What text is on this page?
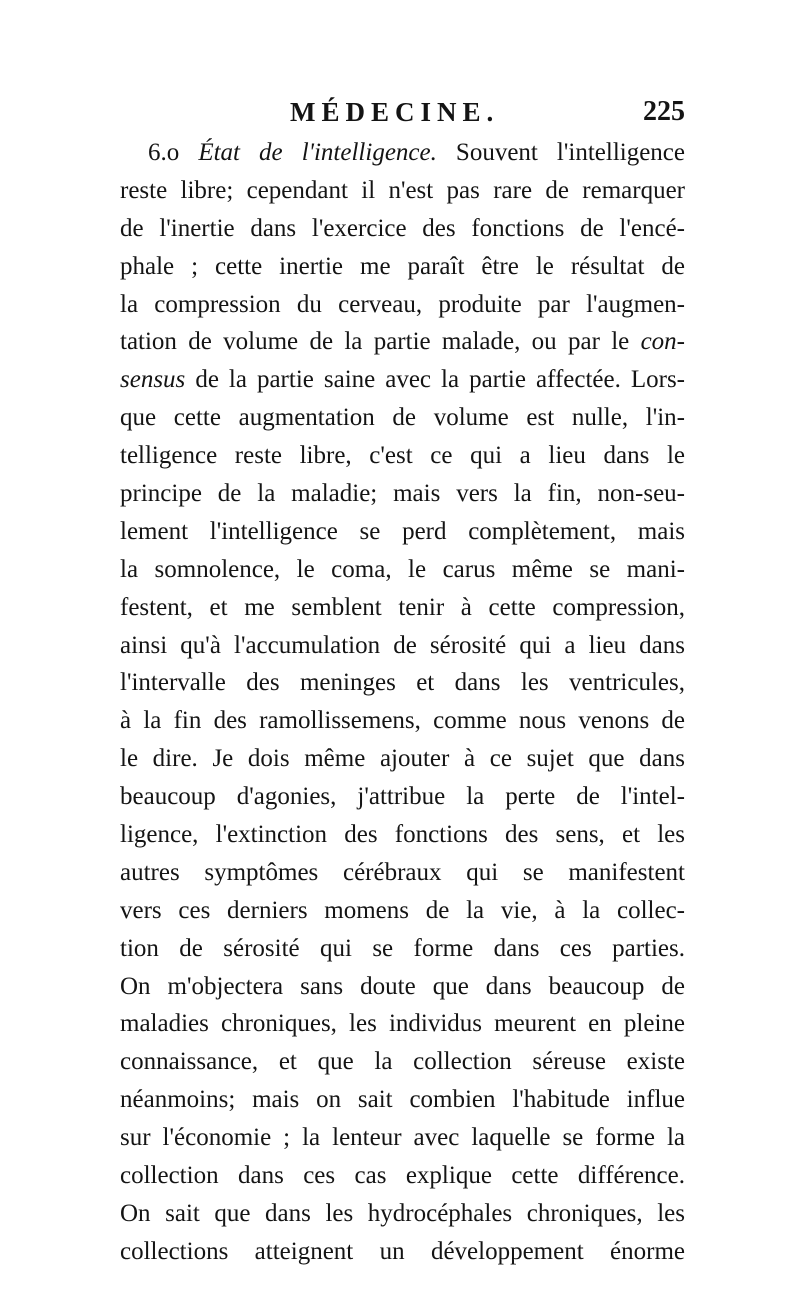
MÉDECINE.	225
6.o État de l'intelligence. Souvent l'intelligence
reste libre; cependant il n'est pas rare de remarquer
de l'inertie dans l'exercice des fonctions de l'encé-
phale ; cette inertie me paraît être le résultat de
la compression du cerveau, produite par l'augmen-
tation de volume de la partie malade, ou par le con-
sensus de la partie saine avec la partie affectée. Lors-
que cette augmentation de volume est nulle, l'in-
telligence reste libre, c'est ce qui a lieu dans le
principe de la maladie; mais vers la fin, non-seu-
lement l'intelligence se perd complètement, mais
la somnolence, le coma, le carus même se mani-
festent, et me semblent tenir à cette compression,
ainsi qu'à l'accumulation de sérosité qui a lieu dans
l'intervalle des meninges et dans les ventricules,
à la fin des ramollissemens, comme nous venons de
le dire. Je dois même ajouter à ce sujet que dans
beaucoup d'agonies, j'attribue la perte de l'intel-
ligence, l'extinction des fonctions des sens, et les
autres symptômes cérébraux qui se manifestent
vers ces derniers momens de la vie, à la collec-
tion de sérosité qui se forme dans ces parties.
On m'objectera sans doute que dans beaucoup de
maladies chroniques, les individus meurent en pleine
connaissance, et que la collection séreuse existe
néanmoins; mais on sait combien l'habitude influe
sur l'économie ; la lenteur avec laquelle se forme la
collection dans ces cas explique cette différence.
On sait que dans les hydrocéphales chroniques, les
collections atteignent un développement énorme
